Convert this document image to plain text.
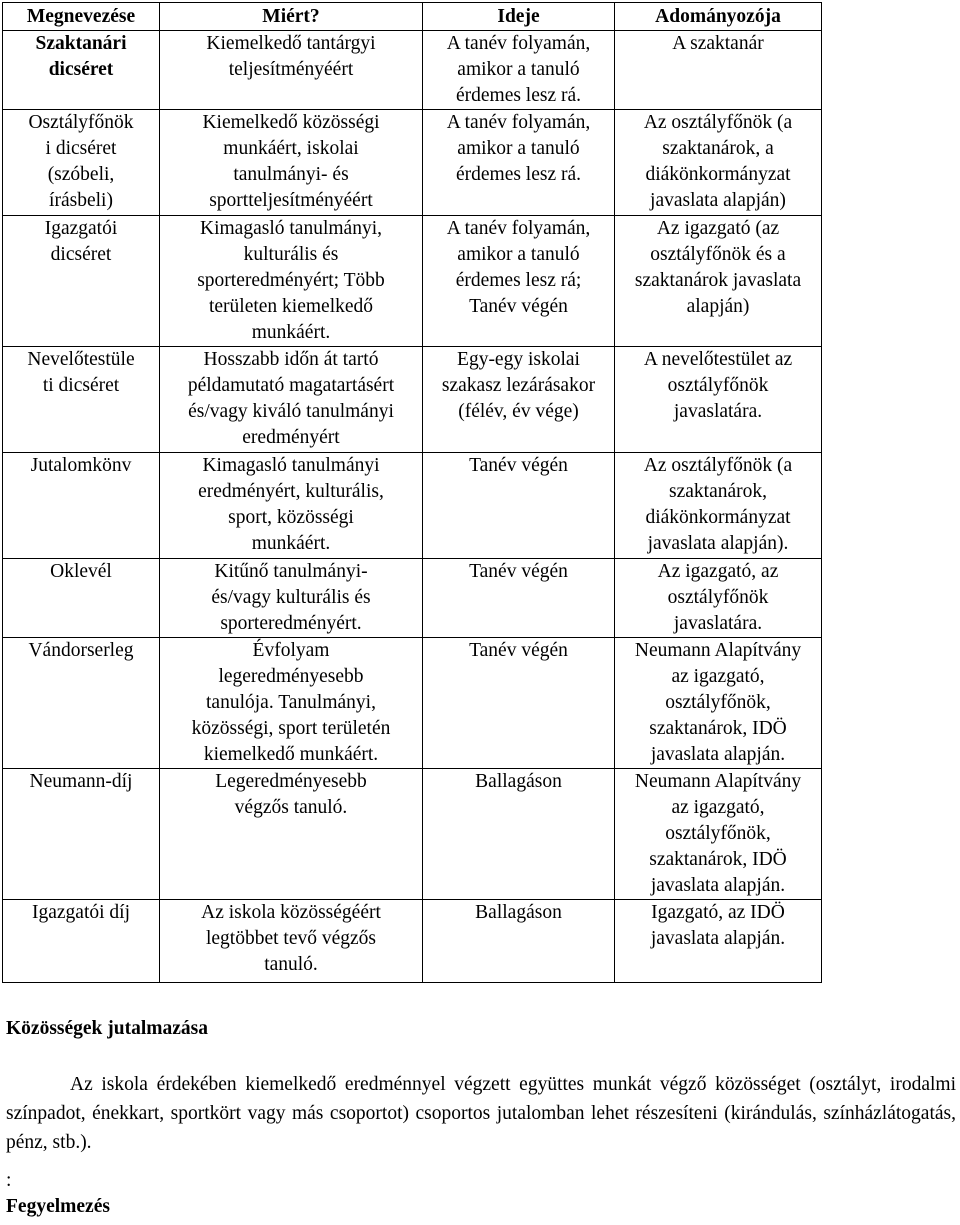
Megnevezése	Miért?	Ideje	Adományozója

Szaktanári
dicséret	Kiemelkedő tantárgyi
teljesítményéért	A tanév folyamán,
amikor a tanuló
érdemes lesz rá.	A szaktanár

Osztályfőnök
i dicséret
(szóbeli,
írásbeli)	Kiemelkedő közösségi
munkáért, iskolai
tanulmányi- és
sportteljesítményéért	A tanév folyamán,
amikor a tanuló
érdemes lesz rá.	Az osztályfőnök (a
szaktanárok, a
diákönkormányzat
javaslata alapján)

Igazgatói
dicséret	Kimagasló tanulmányi,
kulturális és
sporteredményért; Több
területen kiemelkedő
munkáért.	A tanév folyamán,
amikor a tanuló
érdemes lesz rá;
Tanév végén	Az igazgató (az
osztályfőnök és a
szaktanárok javaslata
alapján)

Nevelőtestüle
ti dicséret	Hosszabb időn át tartó
példamutató magatartásért
és/vagy kiváló tanulmányi
eredményért	Egy-egy iskolai
szakasz lezárásakor
(félév, év vége)	A nevelőtestület az
osztályfőnök
javaslatára.

Jutalomkönv	Kimagasló tanulmányi
eredményért, kulturális,
sport, közösségi
munkáért.	Tanév végén	Az osztályfőnök (a
szaktanárok,
diákönkormányzat
javaslata alapján).

Oklevél	Kitűnő tanulmányi-
és/vagy kulturális és
sporteredményért.	Tanév végén	Az igazgató, az
osztályfőnök
javaslatára.

Vándorserleg	Évfolyam
legeredményesebb
tanulója. Tanulmányi,
közösségi, sport területén
kiemelkedő munkáért.	Tanév végén	Neumann Alapítvány
az igazgató,
osztályfőnök,
szaktanárok, IDÖ
javaslata alapján.

Neumann-díj	Legeredményesebb
végzős tanuló.	Ballagáson	Neumann Alapítvány
az igazgató,
osztályfőnök,
szaktanárok, IDÖ
javaslata alapján.

Igazgatói díj	Az iskola közösségéért
legtöbbet tevő végzős
tanuló.	Ballagáson	Igazgató, az IDÖ
javaslata alapján.
Közösségek jutalmazása

Az iskola érdekében kiemelkedő eredménnyel végzett együttes munkát végző közösséget (osztályt, irodalmi színpadot, énekkart, sportkört vagy más csoportot) csoportos jutalomban lehet részesíteni (kirándulás, színházlátogatás, pénz, stb.).

:

Fegyelmezés
